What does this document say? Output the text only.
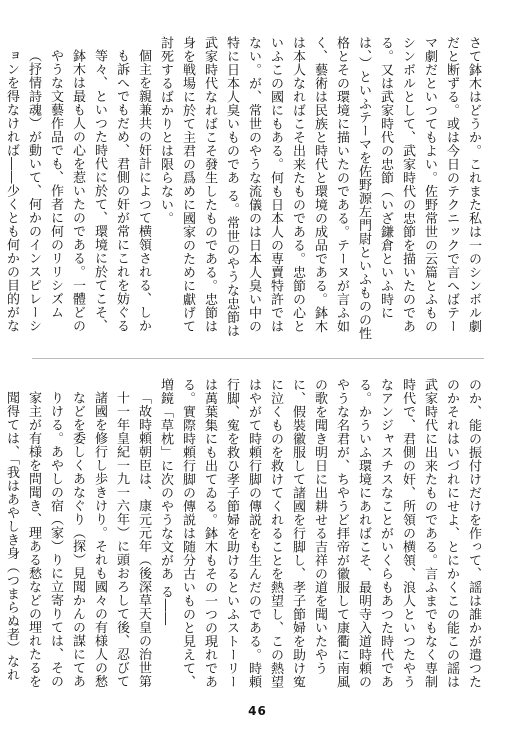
さて鉢木はどうか。これまた私は一のシンボル劇だと断ずる。或は今日のテクニックで言へばテーマ劇だといつてもよい。佐野常世の云篇とふものシンボルとして、武家時代の忠節を描いたのである。又は武家時代の忠節（いざ鎌倉といふ時には、）といふテーマを佐野源左門尉といふものの性格とその環境に描いたのである。テーヌが言ふ如く、藝術は民族と時代と環境の成品である。鉢木は本人なればこそ出来たものである。忠節の心といふこの國にもある。何も日本人の専賣特許ではない。が、常世のやうな流儀のは日本人臭い中の特に日本人臭いものであ る。常世のやうな忠節は武家時代なればこそ發生したものである。忠節は身を戦場に於て主君の爲めに國家のために獻げて討死するばかりとは限らない。

個主を親兼共の奸計によつて横領される、しかも訴へでもだめ、君側の奸が常にこれを妨ぐる等々、といつた時代に於て、環境に於てこそ、鉢木は最も人の心を惹いたのである。一體どのやうな文藝作品でも、作者に何のリリシズム（抒情詩魂）が動いて、何かのインスピレーションを得なければ――少くとも何かの目的がな

のか、能の振付けだけを作って、謡は誰かが遣つたのかそれはいづれにせよ、とにかくこの能この謡は武家時代に出来たものである。言ふまでもなく専制時代で、君側の奸、所領の横領、浪人といつたやうなアンジャスチスなことがいくらもあつた時代である。かういふ環境にあればこそ、最明寺入道時頼のやうな名君が、ちやうど拝帝が徽服して康衢に南風の歌を聞き明日に出耕せる吉祥の道を聞いたやうに、假裝徽服して諸國を行脚し、孝子節婦を助け寃に泣くものを救けてくれることを熱望し、この熱望はやがて時頼行脚の傳説をも生んだのである。時頼行脚、寃を救ひ孝子節婦を助けるといふストーリーは萬葉集にも出てゐる。鉢木もその一つの現れである。實際時頼行脚の傳説は随分古いものと見えて、増鏡「草枕」に次のやうな文があ る――

「故時頼朝臣は、康元元年（後深草天皇の治世第十一年皇紀一九一六年）に頭おろして後、忍びて諸國を修行し歩きけり。それも國々の有様人の愁などを委しくあなぐり（探）見聞かんの謀にてありける。あやしの宿（家）りに立寄りては、その家主が有様を問聞き、理ある愁などの埋れたるを聞得ては、「我はあやしき身（つまらぬ者）なれ

46
